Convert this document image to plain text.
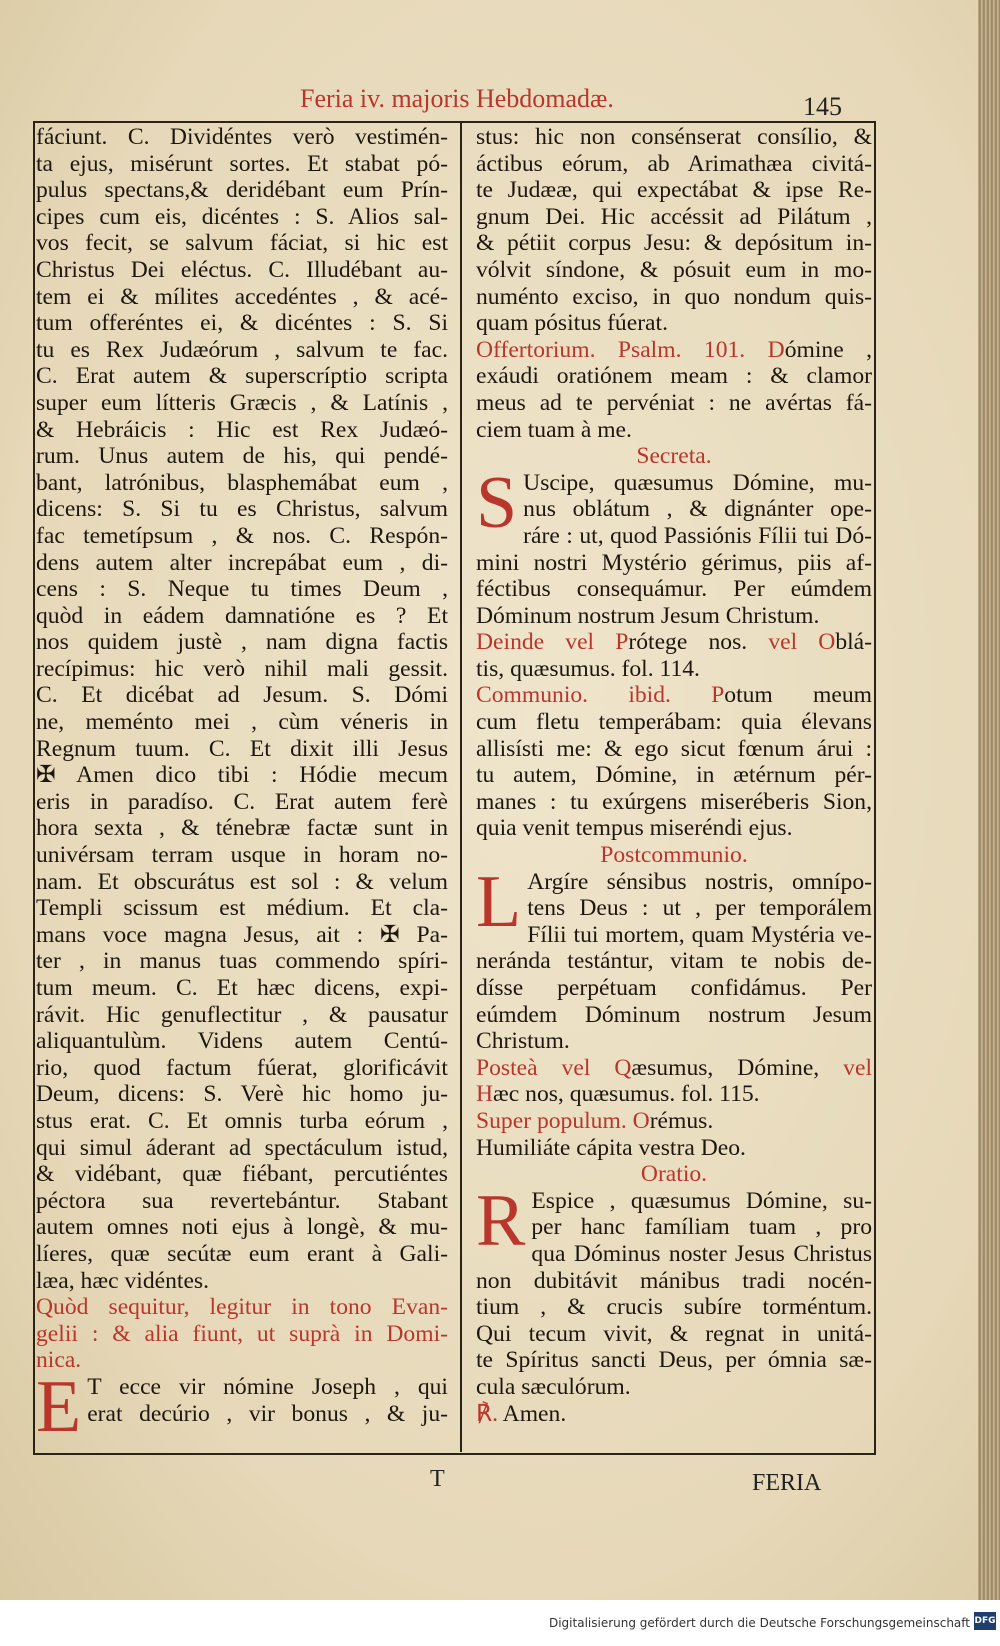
Feria iv. majoris Hebdomadæ.	145
fáciunt. C. Dividéntes verò vestimén-
ta ejus, misérunt sortes. Et stabat pó-
pulus spectans,& deridébant eum Prín-
cipes cum eis, dicéntes : S. Alios sal-
vos fecit, se salvum fáciat, si hic est
Christus Dei eléctus. C. Illudébant au-
tem ei & mílites accedéntes , & acé-
tum offeréntes ei, & dicéntes : S. Si
tu es Rex Judæórum , salvum te fac.
C. Erat autem & superscríptio scripta
super eum lítteris Græcis , & Latínis ,
& Hebráicis : Hic est Rex Judæó-
rum. Unus autem de his, qui pendé-
bant, latrónibus, blasphemábat eum ,
dicens: S. Si tu es Christus, salvum
fac temetípsum , & nos. C. Respón-
dens autem alter increpábat eum , di-
cens : S. Neque tu times Deum ,
quòd in eádem damnatióne es ? Et
nos quidem justè , nam digna factis
recípimus: hic verò nihil mali gessit.
C. Et dicébat ad Jesum. S. Dómi
ne, meménto mei , cùm véneris in
Regnum tuum. C. Et dixit illi Jesus
✠ Amen dico tibi : Hódie mecum
eris in paradíso. C. Erat autem ferè
hora sexta , & ténebræ factæ sunt in
univérsam terram usque in horam no-
nam. Et obscurátus est sol : & velum
Templi scissum est médium. Et cla-
mans voce magna Jesus, ait : ✠ Pa-
ter , in manus tuas commendo spíri-
tum meum. C. Et hæc dicens, expi-
rávit. Hic genuflectitur , & pausatur
aliquantulùm. Videns autem Centú-
rio, quod factum fúerat, glorificávit
Deum, dicens: S. Verè hic homo ju-
stus erat. C. Et omnis turba eórum ,
qui simul áderant ad spectáculum istud,
& vidébant, quæ fiébant, percutiéntes
péctora sua revertebántur. Stabant
autem omnes noti ejus à longè, & mu-
líeres, quæ secútæ eum erant à Gali-
læa, hæc vidéntes.
Quòd sequitur, legitur in tono Evan-
gelii : & alia fiunt, ut suprà in Domi-
nica.
E T ecce vir nómine Joseph , qui
erat decúrio , vir bonus , & ju-
stus: hic non consénserat consílio, &
áctibus eórum, ab Arimathæa civitá-
te Judææ, qui expectábat & ipse Re-
gnum Dei. Hic accéssit ad Pilátum ,
& pétiit corpus Jesu: & depósitum in-
vólvit síndone, & pósuit eum in mo-
numénto exciso, in quo nondum quis-
quam pósitus fúerat.
Offertorium. Psalm. 101. Dómine ,
exáudi oratiónem meam : & clamor
meus ad te pervéniat : ne avértas fá-
ciem tuam à me.
Secreta.
S Uscipe, quæsumus Dómine, mu-
nus oblátum , & dignánter ope-
ráre : ut, quod Passiónis Fílii tui Dó-
mini nostri Mystério gérimus, piis af-
féctibus consequámur. Per eúmdem
Dóminum nostrum Jesum Christum.
Deinde vel Prótege nos. vel Oblá-
tis, quæsumus. fol. 114.
Communio. ibid. Potum meum
cum fletu temperábam: quia élevans
allisísti me: & ego sicut fœnum árui :
tu autem, Dómine, in ætérnum pér-
manes : tu exúrgens miseréberis Sion,
quia venit tempus miseréndi ejus.
Postcommunio.
L Argíre sénsibus nostris, omnípo-
tens Deus : ut , per temporálem
Fílii tui mortem, quam Mystéria ve-
neránda testántur, vitam te nobis de-
dísse perpétuam confidámus. Per
eúmdem Dóminum nostrum Jesum
Christum.
Posteà vel Qæsumus, Dómine, vel
Hæc nos, quæsumus. fol. 115.
Super populum. Orémus.
Humiliáte cápita vestra Deo.
Oratio.
R Espice , quæsumus Dómine, su-
per hanc famíliam tuam , pro
qua Dóminus noster Jesus Christus
non dubitávit mánibus tradi nocén-
tium , & crucis subíre torméntum.
Qui tecum vivit, & regnat in unitá-
te Spíritus sancti Deus, per ómnia sæ-
cula sæculórum.
℟. Amen.
T	FERIA
Digitalisierung gefördert durch die Deutsche Forschungsgemeinschaft DFG
